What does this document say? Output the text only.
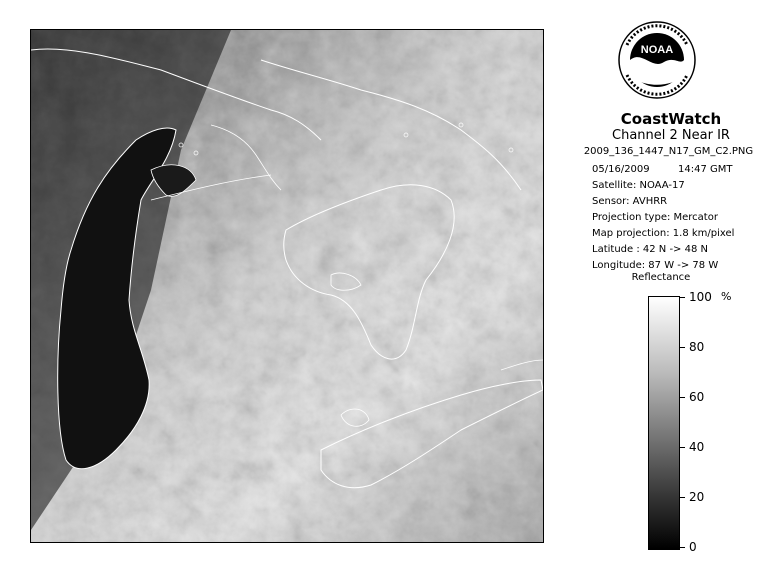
NOAA
CoastWatch
Channel 2 Near IR
2009_136_1447_N17_GM_C2.PNG
05/16/2009	14:47 GMT
Satellite: NOAA-17
Sensor: AVHRR
Projection type: Mercator
Map projection: 1.8 km/pixel
Latitude : 42 N -> 48 N
Longitude: 87 W -> 78 W
Reflectance
%
100
80
60
40
20
0
